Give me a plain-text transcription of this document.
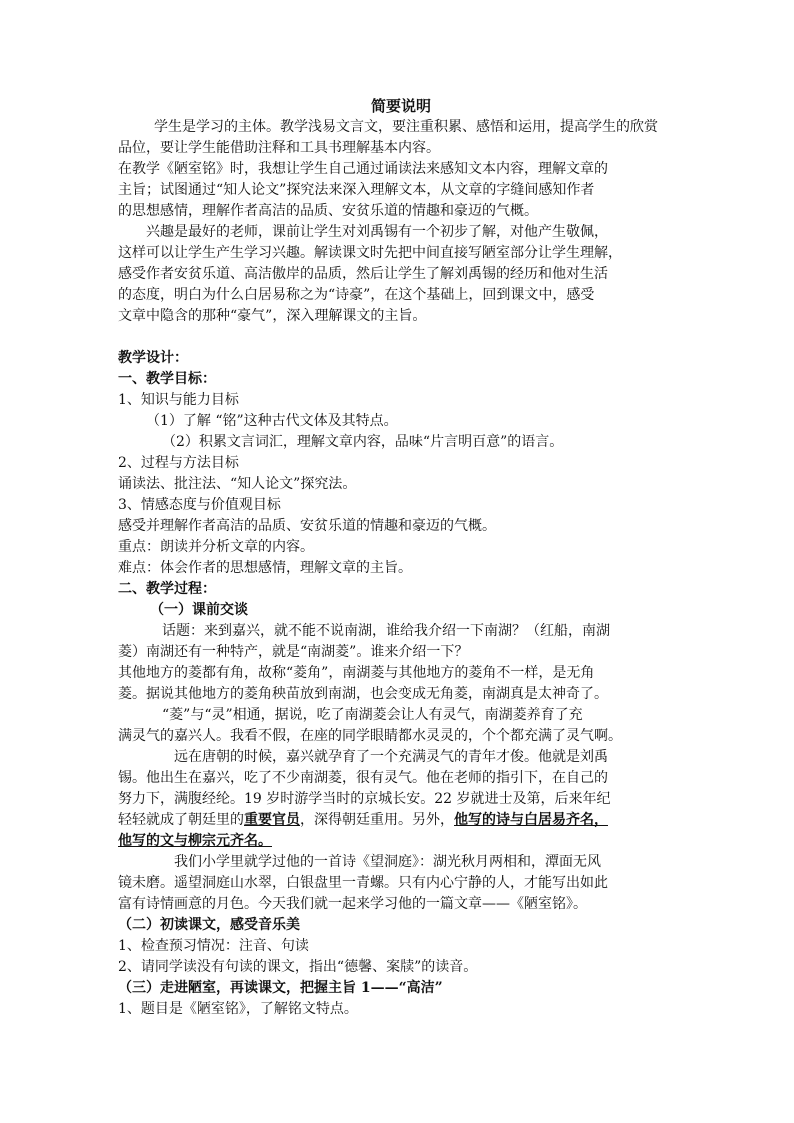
简要说明
学生是学习的主体。教学浅易文言文，要注重积累、感悟和运用，提高学生的欣赏
品位，要让学生能借助注释和工具书理解基本内容。
在教学《陋室铭》时，我想让学生自己通过诵读法来感知文本内容，理解文章的
主旨；试图通过“知人论文”探究法来深入理解文本，从文章的字缝间感知作者
的思想感情，理解作者高洁的品质、安贫乐道的情趣和豪迈的气概。
兴趣是最好的老师，课前让学生对刘禹锡有一个初步了解，对他产生敬佩，
这样可以让学生产生学习兴趣。解读课文时先把中间直接写陋室部分让学生理解，
感受作者安贫乐道、高洁傲岸的品质，然后让学生了解刘禹锡的经历和他对生活
的态度，明白为什么白居易称之为“诗豪”，在这个基础上，回到课文中，感受
文章中隐含的那种“豪气”，深入理解课文的主旨。
教学设计：
一、教学目标：
1、知识与能力目标
（1）了解 “铭”这种古代文体及其特点。
（2）积累文言词汇，理解文章内容，品味“片言明百意”的语言。
2、过程与方法目标
诵读法、批注法、“知人论文”探究法。
3、情感态度与价值观目标
感受并理解作者高洁的品质、安贫乐道的情趣和豪迈的气概。
重点：朗读并分析文章的内容。
难点：体会作者的思想感情，理解文章的主旨。
二、教学过程：
（一）课前交谈
话题：来到嘉兴，就不能不说南湖，谁给我介绍一下南湖？（红船，南湖
菱）南湖还有一种特产，就是“南湖菱”。谁来介绍一下？
其他地方的菱都有角，故称“菱角”，南湖菱与其他地方的菱角不一样，是无角
菱。据说其他地方的菱角秧苗放到南湖，也会变成无角菱，南湖真是太神奇了。
“菱”与“灵”相通，据说，吃了南湖菱会让人有灵气，南湖菱养育了充
满灵气的嘉兴人。我看不假，在座的同学眼睛都水灵灵的，个个都充满了灵气啊。
远在唐朝的时候，嘉兴就孕育了一个充满灵气的青年才俊。他就是刘禹
锡。他出生在嘉兴，吃了不少南湖菱，很有灵气。他在老师的指引下，在自己的
努力下，满腹经纶。19 岁时游学当时的京城长安。22 岁就进士及第，后来年纪
轻轻就成了朝廷里的重要官员，深得朝廷重用。另外，他写的诗与白居易齐名，
他写的文与柳宗元齐名。
我们小学里就学过他的一首诗《望洞庭》：湖光秋月两相和，潭面无风
镜未磨。遥望洞庭山水翠，白银盘里一青螺。只有内心宁静的人，才能写出如此
富有诗情画意的月色。今天我们就一起来学习他的一篇文章——《陋室铭》。
（二）初读课文，感受音乐美
1、检查预习情况：注音、句读
2、请同学读没有句读的课文，指出“德馨、案牍”的读音。
（三）走进陋室，再读课文，把握主旨 1——“高洁”
1、题目是《陋室铭》，了解铭文特点。
